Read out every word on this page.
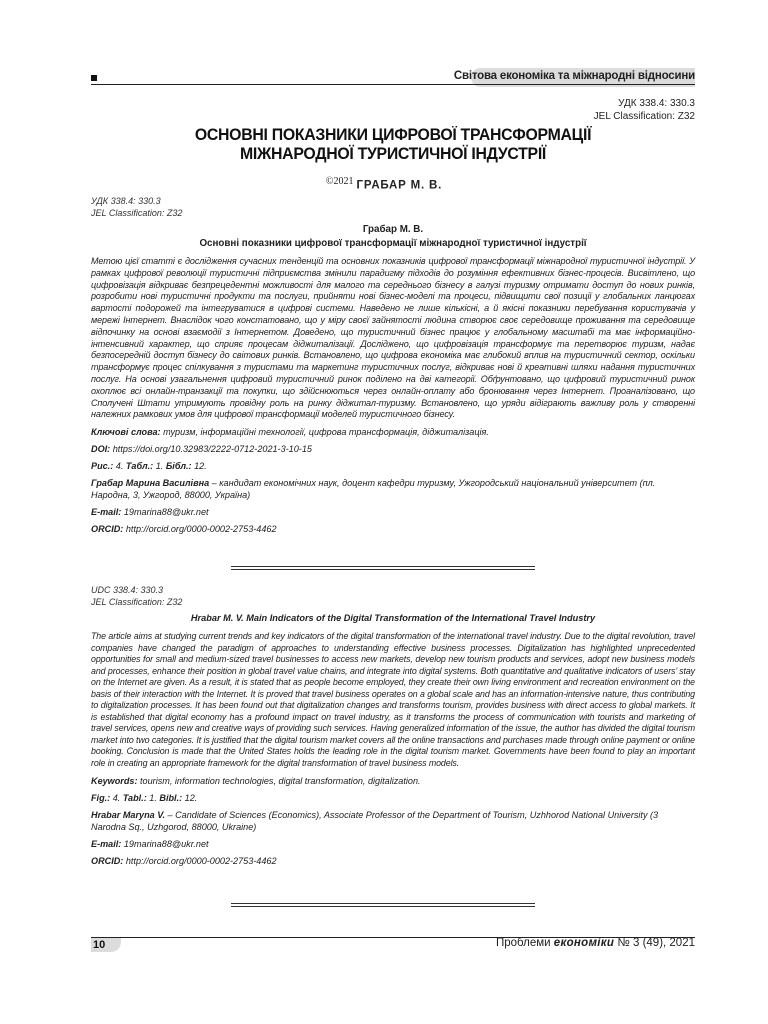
Світова економіка та міжнародні відносини
УДК 338.4: 330.3
JEL Classification: Z32
ОСНОВНІ ПОКАЗНИКИ ЦИФРОВОЇ ТРАНСФОРМАЦІЇ
МІЖНАРОДНОЇ ТУРИСТИЧНОЇ ІНДУСТРІЇ
©2021 ГРАБАР М. В.
УДК 338.4: 330.3
JEL Classification: Z32
Грабар М. В.
Основні показники цифрової трансформації міжнародної туристичної індустрії
Метою цієї статті є дослідження сучасних тенденцій та основних показників цифрової трансформації міжнародної туристичної індустрії. У рамках цифрової революції туристичні підприємства змінили парадигму підходів до розуміння ефективних бізнес-процесів. Висвітлено, що цифровізація відкриває безпрецедентні можливості для малого та середнього бізнесу в галузі туризму отримати доступ до нових ринків, розробити нові туристичні продукти та послуги, прийняти нові бізнес-моделі та процеси, підвищити свої позиції у глобальних ланцюгах вартості подорожей та інтегруватися в цифрові системи. Наведено не лише кількісні, а й якісні показники перебування користувачів у мережі Інтернет. Внаслідок чого констатовано, що у міру своєї зайнятості людина створює своє середовище проживання та середовище відпочинку на основі взаємодії з Інтернетом. Доведено, що туристичний бізнес працює у глобальному масштабі та має інформаційно-інтенсивний характер, що сприяє процесам діджиталізації. Досліджено, що цифровізація трансформує та перетворює туризм, надає безпосередній доступ бізнесу до світових ринків. Встановлено, що цифрова економіка має глибокий вплив на туристичний сектор, оскільки трансформує процес спілкування з туристами та маркетинг туристичних послуг, відкриває нові й креативні шляхи надання туристичних послуг. На основі узагальнення цифровий туристичний ринок поділено на дві категорії. Обґрунтовано, що цифровий туристичний ринок охоплює всі онлайн-транзакції та покупки, що здійснюються через онлайн-оплату або бронювання через Інтернет. Проаналізовано, що Сполучені Штати утримують провідну роль на ринку діджитал-туризму. Встановлено, що уряди відіграють важливу роль у створенні належних рамкових умов для цифрової трансформації моделей туристичного бізнесу.
Ключові слова: туризм, інформаційні технології, цифрова трансформація, діджиталізація.
DOI: https://doi.org/10.32983/2222-0712-2021-3-10-15
Рис.: 4. Табл.: 1. Бібл.: 12.
Грабар Марина Василівна – кандидат економічних наук, доцент кафедри туризму, Ужгородський національний університет (пл. Народна, 3, Ужгород, 88000, Україна)
E-mail: 19marina88@ukr.net
ORCID: http://orcid.org/0000-0002-2753-4462
UDC 338.4: 330.3
JEL Classification: Z32
Hrabar M. V. Main Indicators of the Digital Transformation of the International Travel Industry
The article aims at studying current trends and key indicators of the digital transformation of the international travel industry. Due to the digital revolution, travel companies have changed the paradigm of approaches to understanding effective business processes. Digitalization has highlighted unprecedented opportunities for small and medium-sized travel businesses to access new markets, develop new tourism products and services, adopt new business models and processes, enhance their position in global travel value chains, and integrate into digital systems. Both quantitative and qualitative indicators of users’ stay on the Internet are given. As a result, it is stated that as people become employed, they create their own living environment and recreation environment on the basis of their interaction with the Internet. It is proved that travel business operates on a global scale and has an information-intensive nature, thus contributing to digitalization processes. It has been found out that digitalization changes and transforms tourism, provides business with direct access to global markets. It is established that digital economy has a profound impact on travel industry, as it transforms the process of communication with tourists and marketing of travel services, opens new and creative ways of providing such services. Having generalized information of the issue, the author has divided the digital tourism market into two categories. It is justified that the digital tourism market covers all the online transactions and purchases made through online payment or online booking. Conclusion is made that the United States holds the leading role in the digital tourism market. Governments have been found to play an important role in creating an appropriate framework for the digital transformation of travel business models.
Keywords: tourism, information technologies, digital transformation, digitalization.
Fig.: 4. Tabl.: 1. Bibl.: 12.
Hrabar Maryna V. – Candidate of Sciences (Economics), Associate Professor of the Department of Tourism, Uzhhorod National University (3 Narodna Sq., Uzhgorod, 88000, Ukraine)
E-mail: 19marina88@ukr.net
ORCID: http://orcid.org/0000-0002-2753-4462
10	Проблеми економіки № 3 (49), 2021
